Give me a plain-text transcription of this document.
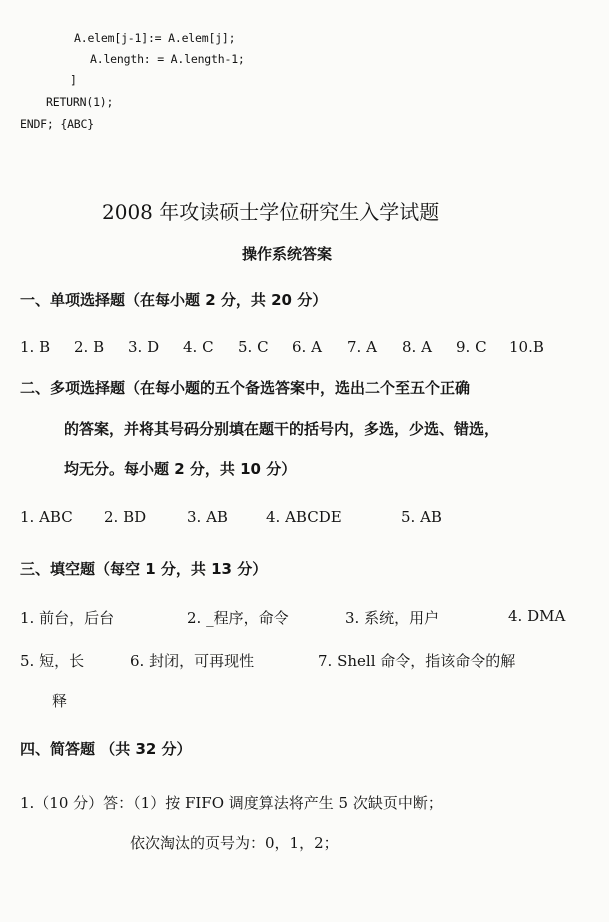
A.elem[j-1]:= A.elem[j];
A.length: = A.length-1;
]
RETURN(1);
ENDF; {ABC}
2008 年攻读硕士学位研究生入学试题
操作系统答案
一、单项选择题（在每小题 2 分，共 20 分）
1. B 2. B 3. D 4. C 5. C 6. A 7. A 8. A 9. C 10.B
二、多项选择题（在每小题的五个备选答案中，选出二个至五个正确
的答案，并将其号码分别填在题干的括号内，多选，少选、错选，
均无分。每小题 2 分，共 10 分）
1. ABC 2. BD	3. AB	4. ABCDE	5. AB
三、填空题（每空 1 分，共 13 分）
1. 前台，后台	2. _程序，命令	3. 系统，用户	4. DMA
5. 短，长	6. 封闭，可再现性	7. Shell 命令，指该命令的解
释
四、简答题 （共 32 分）
1.（10 分）答：（1）按 FIFO 调度算法将产生 5 次缺页中断；
依次淘汰的页号为：0，1，2；
